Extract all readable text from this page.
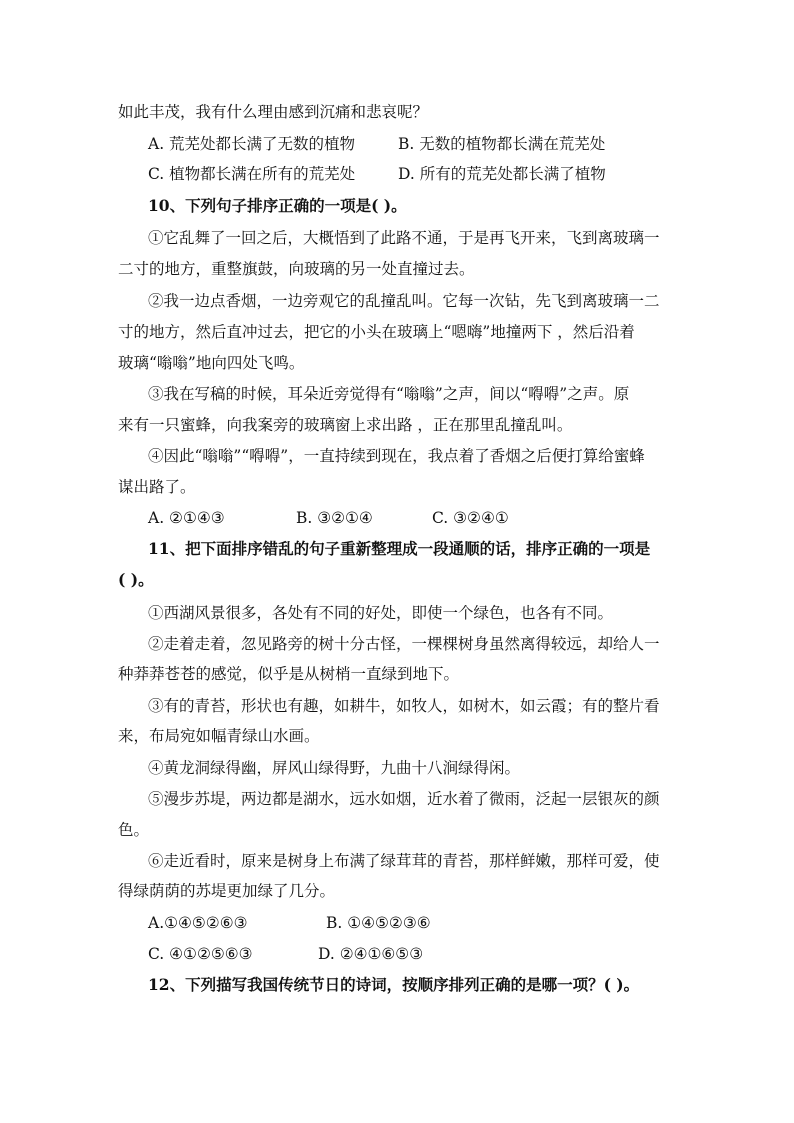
如此丰茂，我有什么理由感到沉痛和悲哀呢？
A. 荒芜处都长满了无数的植物	B. 无数的植物都长满在荒芜处
C. 植物都长满在所有的荒芜处	D. 所有的荒芜处都长满了植物
10、下列句子排序正确的一项是( )。
①它乱舞了一回之后，大概悟到了此路不通，于是再飞开来，飞到离玻璃一
二寸的地方，重整旗鼓，向玻璃的另一处直撞过去。
②我一边点香烟，一边旁观它的乱撞乱叫。它每一次钻，先飞到离玻璃一二
寸的地方，然后直冲过去，把它的小头在玻璃上“嗯嗨”地撞两下 ，然后沿着
玻璃“嗡嗡”地向四处飞鸣。
③我在写稿的时候，耳朵近旁觉得有“嗡嗡”之声，间以“嘚嘚”之声。原
来有一只蜜蜂，向我案旁的玻璃窗上求出路 ，正在那里乱撞乱叫。
④因此“嗡嗡”“嘚嘚”，一直持续到现在，我点着了香烟之后便打算给蜜蜂
谋出路了。
A. ②①④③	B. ③②①④	C. ③②④①
11、把下面排序错乱的句子重新整理成一段通顺的话，排序正确的一项是
( )。
①西湖风景很多，各处有不同的好处，即使一个绿色，也各有不同。
②走着走着，忽见路旁的树十分古怪，一棵棵树身虽然离得较远，却给人一
种莽莽苍苍的感觉，似乎是从树梢一直绿到地下。
③有的青苔，形状也有趣，如耕牛，如牧人，如树木，如云霞；有的整片看
来，布局宛如幅青绿山水画。
④黄龙洞绿得幽，屏风山绿得野，九曲十八涧绿得闲。
⑤漫步苏堤，两边都是湖水，远水如烟，近水着了微雨，泛起一层银灰的颜
色。
⑥走近看时，原来是树身上布满了绿茸茸的青苔，那样鲜嫩，那样可爱，使
得绿荫荫的苏堤更加绿了几分。
A.①④⑤②⑥③	B. ①④⑤②③⑥
C. ④①②⑤⑥③	D. ②④①⑥⑤③
12、下列描写我国传统节日的诗词，按顺序排列正确的是哪一项？( )。
